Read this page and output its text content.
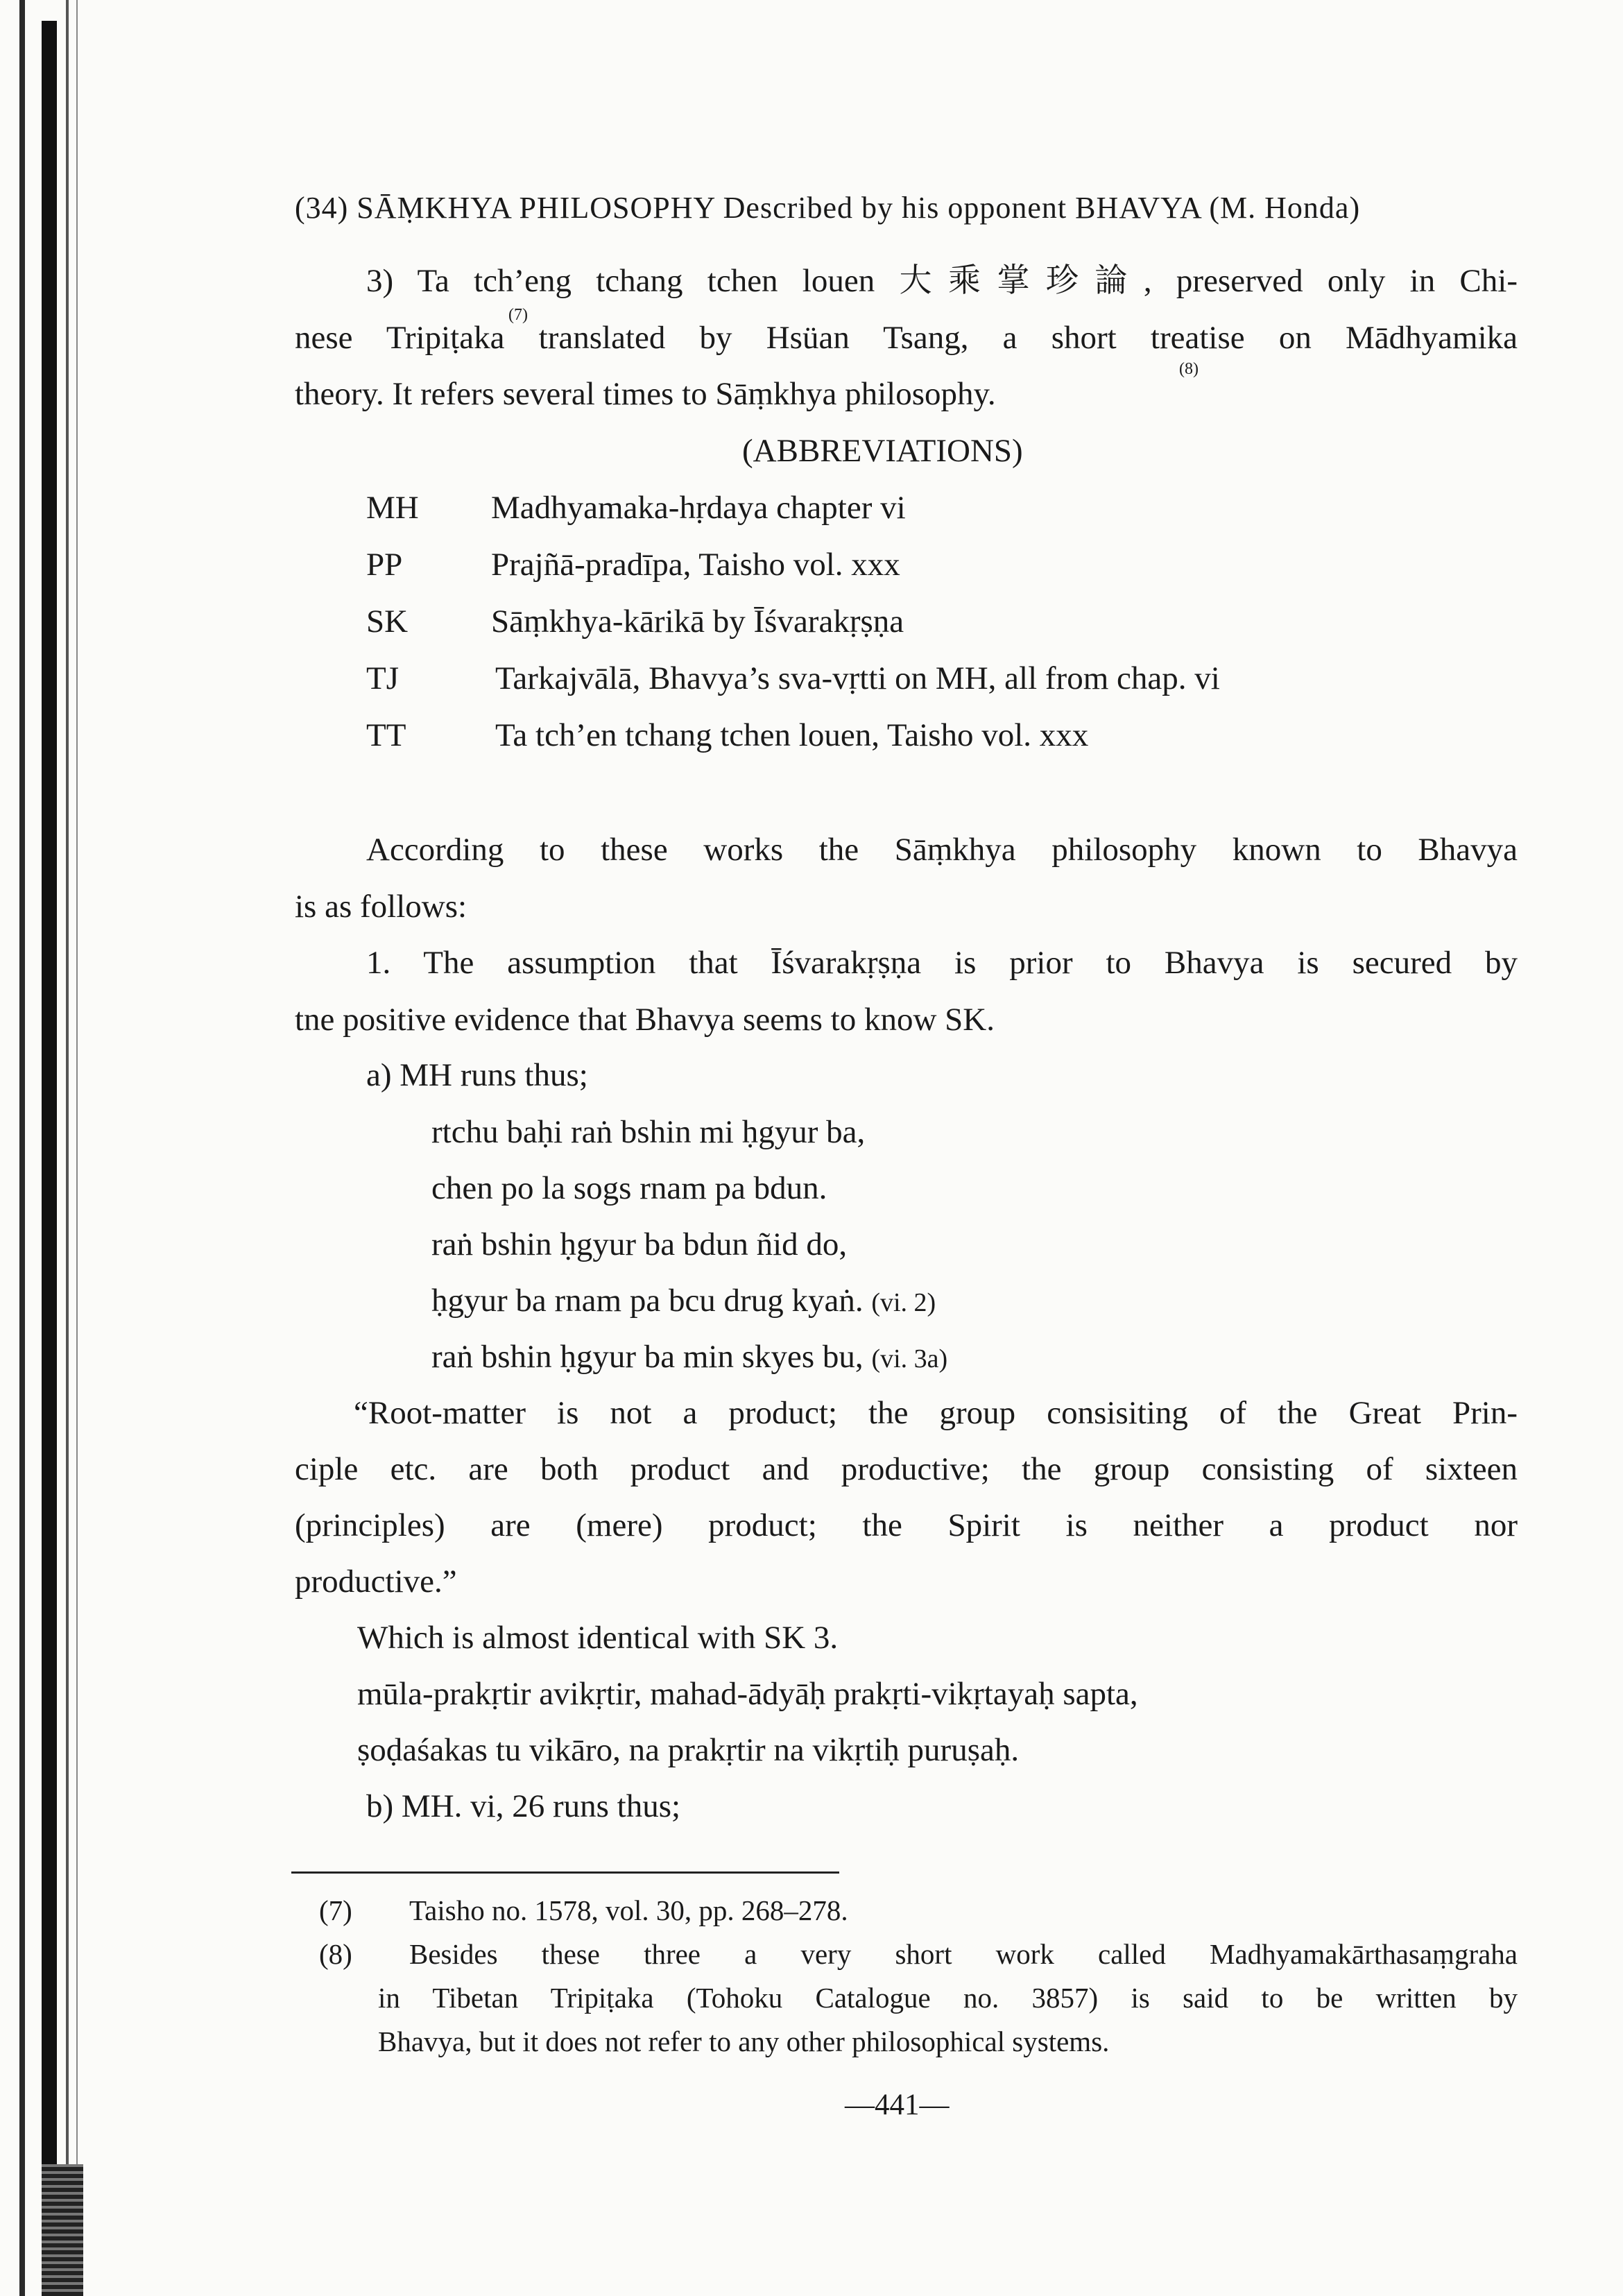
(34) SĀṂKHYA PHILOSOPHY Described by his opponent BHAVYA (M. Honda)
3) Ta tch’eng tchang tchen louen 大乘掌珍論, preserved only in Chi-
(7)
nese Tripiṭaka translated by Hsüan Tsang, a short treatise on Mādhyamika
(8)
theory. It refers several times to Sāṃkhya philosophy.
(ABBREVIATIONS)
MH Madhyamaka-hṛdaya chapter vi
PP	Prajñā-pradīpa, Taisho vol. xxx
SK	Sāṃkhya-kārikā by Īśvarakṛṣṇa
TJ	Tarkajvālā, Bhavya’s sva-vṛtti on MH, all from chap. vi
TT	Ta tch’en tchang tchen louen, Taisho vol. xxx
According to these works the Sāṃkhya philosophy known to Bhavya
is as follows:
1. The assumption that Īśvarakṛṣṇa is prior to Bhavya is secured by
tne positive evidence that Bhavya seems to know SK.
a) MH runs thus;
rtchu baḥi raṅ bshin mi ḥgyur ba,
chen po la sogs rnam pa bdun.
raṅ bshin ḥgyur ba bdun ñid do,
ḥgyur ba rnam pa bcu drug kyaṅ. (vi. 2)
raṅ bshin ḥgyur ba min skyes bu, (vi. 3a)
“Root-matter is not a product; the group consisiting of the Great Prin-
ciple etc. are both product and productive; the group consisting of sixteen
(principles) are (mere) product; the Spirit is neither a product nor
productive.”
Which is almost identical with SK 3.
mūla-prakṛtir avikṛtir, mahad-ādyāḥ prakṛti-vikṛtayaḥ sapta,
ṣoḍaśakas tu vikāro, na prakṛtir na vikṛtiḥ puruṣaḥ.
b) MH. vi, 26 runs thus;
(7) Taisho no. 1578, vol. 30, pp. 268–278.
(8) Besides these three a very short work called Madhyamakārthasaṃgraha
in Tibetan Tripiṭaka (Tohoku Catalogue no. 3857) is said to be written by
Bhavya, but it does not refer to any other philosophical systems.
—441—
